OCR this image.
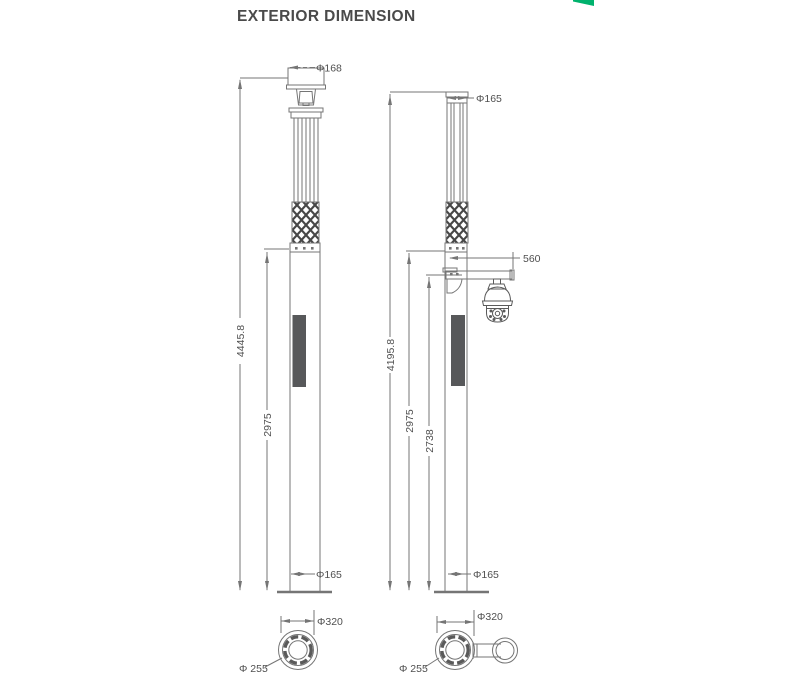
EXTERIOR DIMENSION
4445.8
2975
Φ168
Φ165
4195.8
2975
2738
560
Φ165
Φ165
Φ320
Φ 255
Φ320
Φ 255
